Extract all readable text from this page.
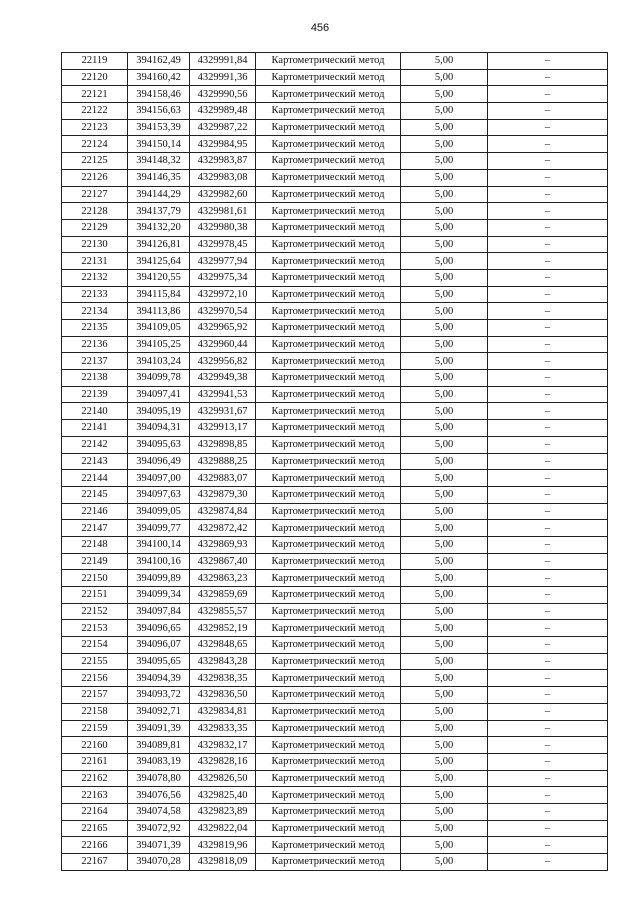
456
22119	394162,49	4329991,84	Картометрический метод	5,00	–
22120	394160,42	4329991,36	Картометрический метод	5,00	–
22121	394158,46	4329990,56	Картометрический метод	5,00	–
22122	394156,63	4329989,48	Картометрический метод	5,00	–
22123	394153,39	4329987,22	Картометрический метод	5,00	–
22124	394150,14	4329984,95	Картометрический метод	5,00	–
22125	394148,32	4329983,87	Картометрический метод	5,00	–
22126	394146,35	4329983,08	Картометрический метод	5,00	–
22127	394144,29	4329982,60	Картометрический метод	5,00	–
22128	394137,79	4329981,61	Картометрический метод	5,00	–
22129	394132,20	4329980,38	Картометрический метод	5,00	–
22130	394126,81	4329978,45	Картометрический метод	5,00	–
22131	394125,64	4329977,94	Картометрический метод	5,00	–
22132	394120,55	4329975,34	Картометрический метод	5,00	–
22133	394115,84	4329972,10	Картометрический метод	5,00	–
22134	394113,86	4329970,54	Картометрический метод	5,00	–
22135	394109,05	4329965,92	Картометрический метод	5,00	–
22136	394105,25	4329960,44	Картометрический метод	5,00	–
22137	394103,24	4329956,82	Картометрический метод	5,00	–
22138	394099,78	4329949,38	Картометрический метод	5,00	–
22139	394097,41	4329941,53	Картометрический метод	5,00	–
22140	394095,19	4329931,67	Картометрический метод	5,00	–
22141	394094,31	4329913,17	Картометрический метод	5,00	–
22142	394095,63	4329898,85	Картометрический метод	5,00	–
22143	394096,49	4329888,25	Картометрический метод	5,00	–
22144	394097,00	4329883,07	Картометрический метод	5,00	–
22145	394097,63	4329879,30	Картометрический метод	5,00	–
22146	394099,05	4329874,84	Картометрический метод	5,00	–
22147	394099,77	4329872,42	Картометрический метод	5,00	–
22148	394100,14	4329869,93	Картометрический метод	5,00	–
22149	394100,16	4329867,40	Картометрический метод	5,00	–
22150	394099,89	4329863,23	Картометрический метод	5,00	–
22151	394099,34	4329859,69	Картометрический метод	5,00	–
22152	394097,84	4329855,57	Картометрический метод	5,00	–
22153	394096,65	4329852,19	Картометрический метод	5,00	–
22154	394096,07	4329848,65	Картометрический метод	5,00	–
22155	394095,65	4329843,28	Картометрический метод	5,00	–
22156	394094,39	4329838,35	Картометрический метод	5,00	–
22157	394093,72	4329836,50	Картометрический метод	5,00	–
22158	394092,71	4329834,81	Картометрический метод	5,00	–
22159	394091,39	4329833,35	Картометрический метод	5,00	–
22160	394089,81	4329832,17	Картометрический метод	5,00	–
22161	394083,19	4329828,16	Картометрический метод	5,00	–
22162	394078,80	4329826,50	Картометрический метод	5,00	–
22163	394076,56	4329825,40	Картометрический метод	5,00	–
22164	394074,58	4329823,89	Картометрический метод	5,00	–
22165	394072,92	4329822,04	Картометрический метод	5,00	–
22166	394071,39	4329819,96	Картометрический метод	5,00	–
22167	394070,28	4329818,09	Картометрический метод	5,00	–
